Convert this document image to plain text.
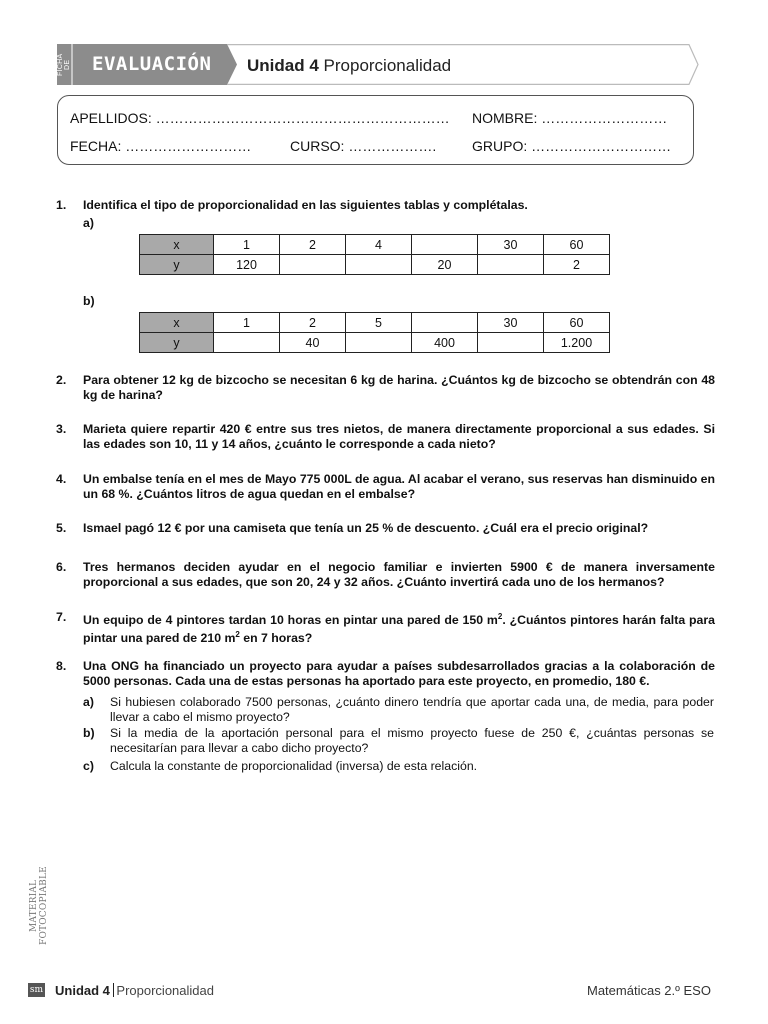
FICHA DE EVALUACIÓN Unidad 4 Proporcionalidad
APELLIDOS: ……………………………………………………… NOMBRE: ………………………
FECHA: ………………………	CURSO: ……………….	GRUPO: …………………………
1.	Identifica el tipo de proporcionalidad en las siguientes tablas y complétalas.
a)
x	1	2	4		30	60
y	120			20		2
b)
x	1	2	5		30	60
y		40		400		1.200
2.	Para obtener 12 kg de bizcocho se necesitan 6 kg de harina. ¿Cuántos kg de bizcocho se obtendrán con 48 kg de harina?
3.	Marieta quiere repartir 420 € entre sus tres nietos, de manera directamente proporcional a sus edades. Si las edades son 10, 11 y 14 años, ¿cuánto le corresponde a cada nieto?
4.	Un embalse tenía en el mes de Mayo 775 000L de agua. Al acabar el verano, sus reservas han disminuido en un 68 %. ¿Cuántos litros de agua quedan en el embalse?
5.	Ismael pagó 12 € por una camiseta que tenía un 25 % de descuento. ¿Cuál era el precio original?
6.	Tres hermanos deciden ayudar en el negocio familiar e invierten 5900 € de manera inversamente proporcional a sus edades, que son 20, 24 y 32 años. ¿Cuánto invertirá cada uno de los hermanos?
7.	Un equipo de 4 pintores tardan 10 horas en pintar una pared de 150 $m^2$. ¿Cuántos pintores harán falta para pintar una pared de 210 $m^2$ en 7 horas?
8.	Una ONG ha financiado un proyecto para ayudar a países subdesarrollados gracias a la colaboración de 5000 personas. Cada una de estas personas ha aportado para este proyecto, en promedio, 180 €.
a) Si hubiesen colaborado 7500 personas, ¿cuánto dinero tendría que aportar cada una, de media, para poder llevar a cabo el mismo proyecto?
b) Si la media de la aportación personal para el mismo proyecto fuese de 250 €, ¿cuántas personas se necesitarían para llevar a cabo dicho proyecto?
c) Calcula la constante de proporcionalidad (inversa) de esta relación.
MATERIAL FOTOCOPIABLE
sm Unidad 4 Proporcionalidad	Matemáticas 2.º ESO
